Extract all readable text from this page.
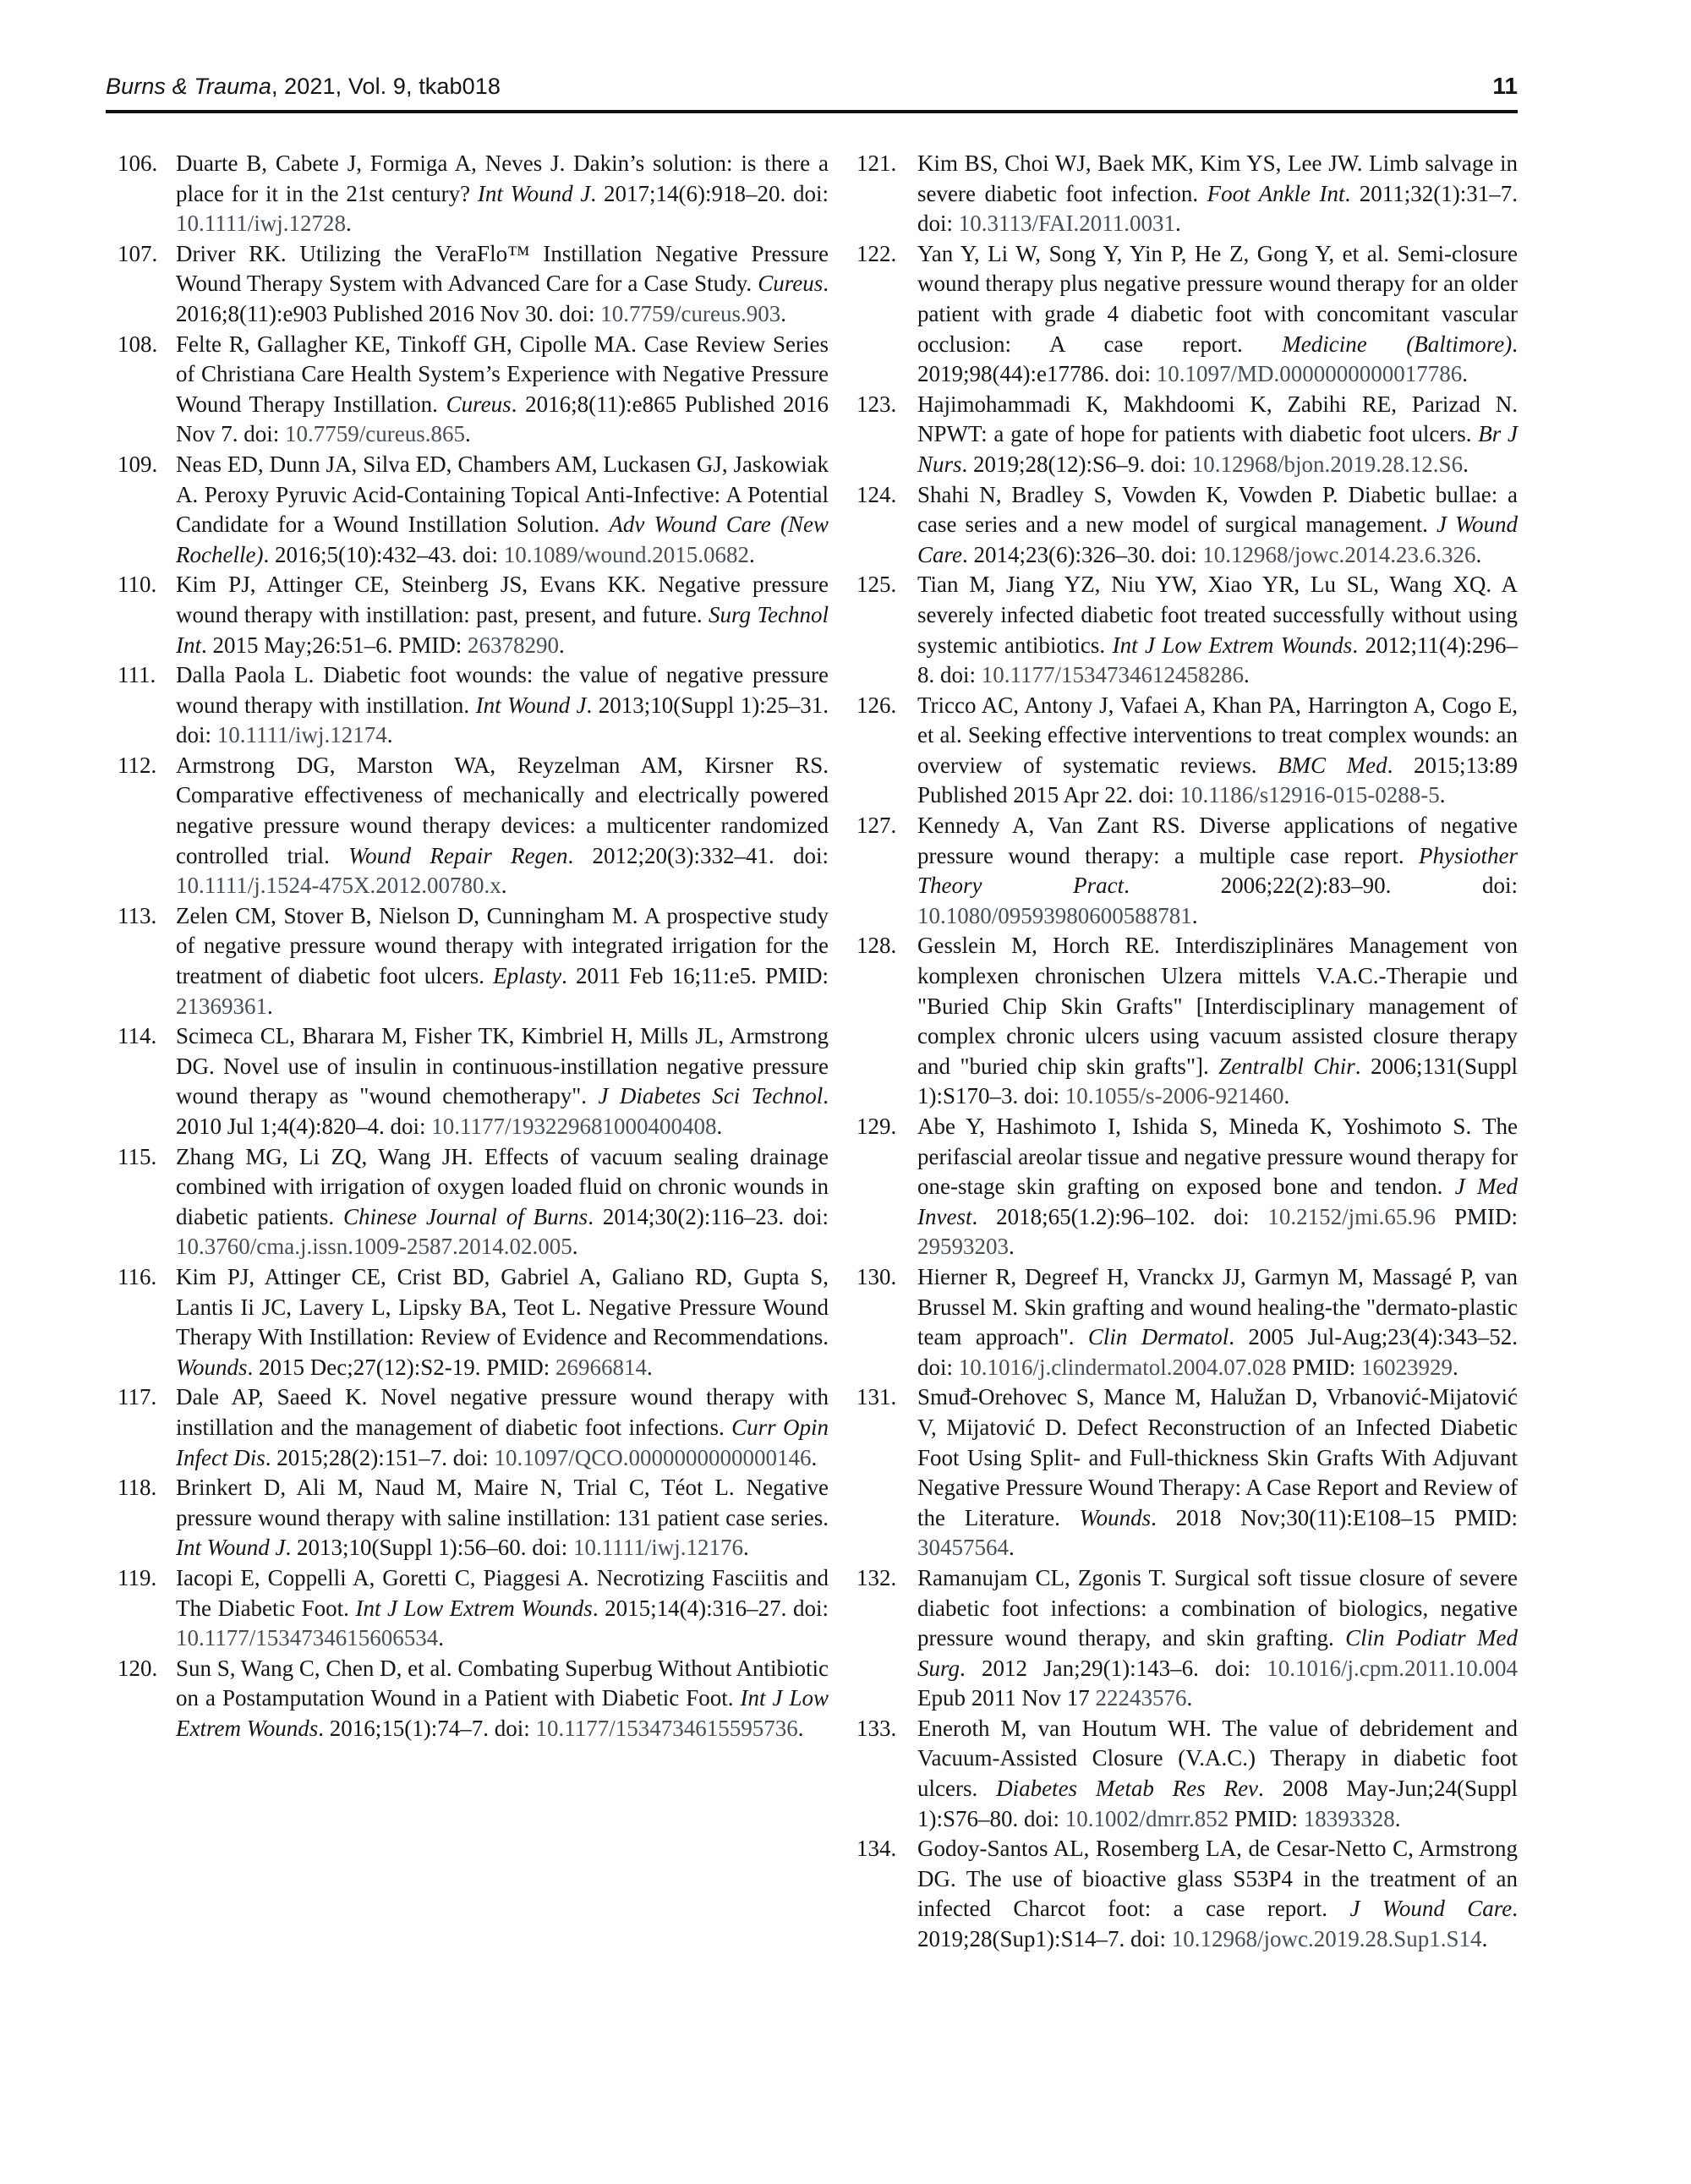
Burns & Trauma, 2021, Vol. 9, tkab018	11
106. Duarte B, Cabete J, Formiga A, Neves J. Dakin’s solution: is there a place for it in the 21st century? Int Wound J. 2017;14(6):918–20. doi: 10.1111/iwj.12728.
107. Driver RK. Utilizing the VeraFlo™ Instillation Negative Pressure Wound Therapy System with Advanced Care for a Case Study. Cureus. 2016;8(11):e903 Published 2016 Nov 30. doi: 10.7759/cureus.903.
108. Felte R, Gallagher KE, Tinkoff GH, Cipolle MA. Case Review Series of Christiana Care Health System’s Experience with Negative Pressure Wound Therapy Instillation. Cureus. 2016;8(11):e865 Published 2016 Nov 7. doi: 10.7759/cureus.865.
109. Neas ED, Dunn JA, Silva ED, Chambers AM, Luckasen GJ, Jaskowiak A. Peroxy Pyruvic Acid-Containing Topical Anti-Infective: A Potential Candidate for a Wound Instillation Solution. Adv Wound Care (New Rochelle). 2016;5(10):432–43. doi: 10.1089/wound.2015.0682.
110. Kim PJ, Attinger CE, Steinberg JS, Evans KK. Negative pressure wound therapy with instillation: past, present, and future. Surg Technol Int. 2015 May;26:51–6. PMID: 26378290.
111. Dalla Paola L. Diabetic foot wounds: the value of negative pressure wound therapy with instillation. Int Wound J. 2013;10(Suppl 1):25–31. doi: 10.1111/iwj.12174.
112. Armstrong DG, Marston WA, Reyzelman AM, Kirsner RS. Comparative effectiveness of mechanically and electrically powered negative pressure wound therapy devices: a multicenter randomized controlled trial. Wound Repair Regen. 2012;20(3):332–41. doi: 10.1111/j.1524-475X.2012.00780.x.
113. Zelen CM, Stover B, Nielson D, Cunningham M. A prospective study of negative pressure wound therapy with integrated irrigation for the treatment of diabetic foot ulcers. Eplasty. 2011 Feb 16;11:e5. PMID: 21369361.
114. Scimeca CL, Bharara M, Fisher TK, Kimbriel H, Mills JL, Armstrong DG. Novel use of insulin in continuous-instillation negative pressure wound therapy as "wound chemotherapy". J Diabetes Sci Technol. 2010 Jul 1;4(4):820–4. doi: 10.1177/193229681000400408.
115. Zhang MG, Li ZQ, Wang JH. Effects of vacuum sealing drainage combined with irrigation of oxygen loaded fluid on chronic wounds in diabetic patients. Chinese Journal of Burns. 2014;30(2):116–23. doi: 10.3760/cma.j.issn.1009-2587.2014.02.005.
116. Kim PJ, Attinger CE, Crist BD, Gabriel A, Galiano RD, Gupta S, Lantis Ii JC, Lavery L, Lipsky BA, Teot L. Negative Pressure Wound Therapy With Instillation: Review of Evidence and Recommendations. Wounds. 2015 Dec;27(12):S2-19. PMID: 26966814.
117. Dale AP, Saeed K. Novel negative pressure wound therapy with instillation and the management of diabetic foot infections. Curr Opin Infect Dis. 2015;28(2):151–7. doi: 10.1097/QCO.0000000000000146.
118. Brinkert D, Ali M, Naud M, Maire N, Trial C, Téot L. Negative pressure wound therapy with saline instillation: 131 patient case series. Int Wound J. 2013;10(Suppl 1):56–60. doi: 10.1111/iwj.12176.
119. Iacopi E, Coppelli A, Goretti C, Piaggesi A. Necrotizing Fasciitis and The Diabetic Foot. Int J Low Extrem Wounds. 2015;14(4):316–27. doi: 10.1177/1534734615606534.
120. Sun S, Wang C, Chen D, et al. Combating Superbug Without Antibiotic on a Postamputation Wound in a Patient with Diabetic Foot. Int J Low Extrem Wounds. 2016;15(1):74–7. doi: 10.1177/1534734615595736.
121. Kim BS, Choi WJ, Baek MK, Kim YS, Lee JW. Limb salvage in severe diabetic foot infection. Foot Ankle Int. 2011;32(1):31–7. doi: 10.3113/FAI.2011.0031.
122. Yan Y, Li W, Song Y, Yin P, He Z, Gong Y, et al. Semi-closure wound therapy plus negative pressure wound therapy for an older patient with grade 4 diabetic foot with concomitant vascular occlusion: A case report. Medicine (Baltimore). 2019;98(44):e17786. doi: 10.1097/MD.0000000000017786.
123. Hajimohammadi K, Makhdoomi K, Zabihi RE, Parizad N. NPWT: a gate of hope for patients with diabetic foot ulcers. Br J Nurs. 2019;28(12):S6–9. doi: 10.12968/bjon.2019.28.12.S6.
124. Shahi N, Bradley S, Vowden K, Vowden P. Diabetic bullae: a case series and a new model of surgical management. J Wound Care. 2014;23(6):326–30. doi: 10.12968/jowc.2014.23.6.326.
125. Tian M, Jiang YZ, Niu YW, Xiao YR, Lu SL, Wang XQ. A severely infected diabetic foot treated successfully without using systemic antibiotics. Int J Low Extrem Wounds. 2012;11(4):296–8. doi: 10.1177/1534734612458286.
126. Tricco AC, Antony J, Vafaei A, Khan PA, Harrington A, Cogo E, et al. Seeking effective interventions to treat complex wounds: an overview of systematic reviews. BMC Med. 2015;13:89 Published 2015 Apr 22. doi: 10.1186/s12916-015-0288-5.
127. Kennedy A, Van Zant RS. Diverse applications of negative pressure wound therapy: a multiple case report. Physiother Theory Pract. 2006;22(2):83–90. doi: 10.1080/09593980600588781.
128. Gesslein M, Horch RE. Interdisziplinäres Management von komplexen chronischen Ulzera mittels V.A.C.-Therapie und "Buried Chip Skin Grafts" [Interdisciplinary management of complex chronic ulcers using vacuum assisted closure therapy and "buried chip skin grafts"]. Zentralbl Chir. 2006;131(Suppl 1):S170–3. doi: 10.1055/s-2006-921460.
129. Abe Y, Hashimoto I, Ishida S, Mineda K, Yoshimoto S. The perifascial areolar tissue and negative pressure wound therapy for one-stage skin grafting on exposed bone and tendon. J Med Invest. 2018;65(1.2):96–102. doi: 10.2152/jmi.65.96 PMID: 29593203.
130. Hierner R, Degreef H, Vranckx JJ, Garmyn M, Massagé P, van Brussel M. Skin grafting and wound healing-the "dermato-plastic team approach". Clin Dermatol. 2005 Jul-Aug;23(4):343–52. doi: 10.1016/j.clindermatol.2004.07.028 PMID: 16023929.
131. Smuđ-Orehovec S, Mance M, Halužan D, Vrbanović-Mijatović V, Mijatović D. Defect Reconstruction of an Infected Diabetic Foot Using Split- and Full-thickness Skin Grafts With Adjuvant Negative Pressure Wound Therapy: A Case Report and Review of the Literature. Wounds. 2018 Nov;30(11):E108–15 PMID: 30457564.
132. Ramanujam CL, Zgonis T. Surgical soft tissue closure of severe diabetic foot infections: a combination of biologics, negative pressure wound therapy, and skin grafting. Clin Podiatr Med Surg. 2012 Jan;29(1):143–6. doi: 10.1016/j.cpm.2011.10.004 Epub 2011 Nov 17 22243576.
133. Eneroth M, van Houtum WH. The value of debridement and Vacuum-Assisted Closure (V.A.C.) Therapy in diabetic foot ulcers. Diabetes Metab Res Rev. 2008 May-Jun;24(Suppl 1):S76–80. doi: 10.1002/dmrr.852 PMID: 18393328.
134. Godoy-Santos AL, Rosemberg LA, de Cesar-Netto C, Armstrong DG. The use of bioactive glass S53P4 in the treatment of an infected Charcot foot: a case report. J Wound Care. 2019;28(Sup1):S14–7. doi: 10.12968/jowc.2019.28.Sup1.S14.
